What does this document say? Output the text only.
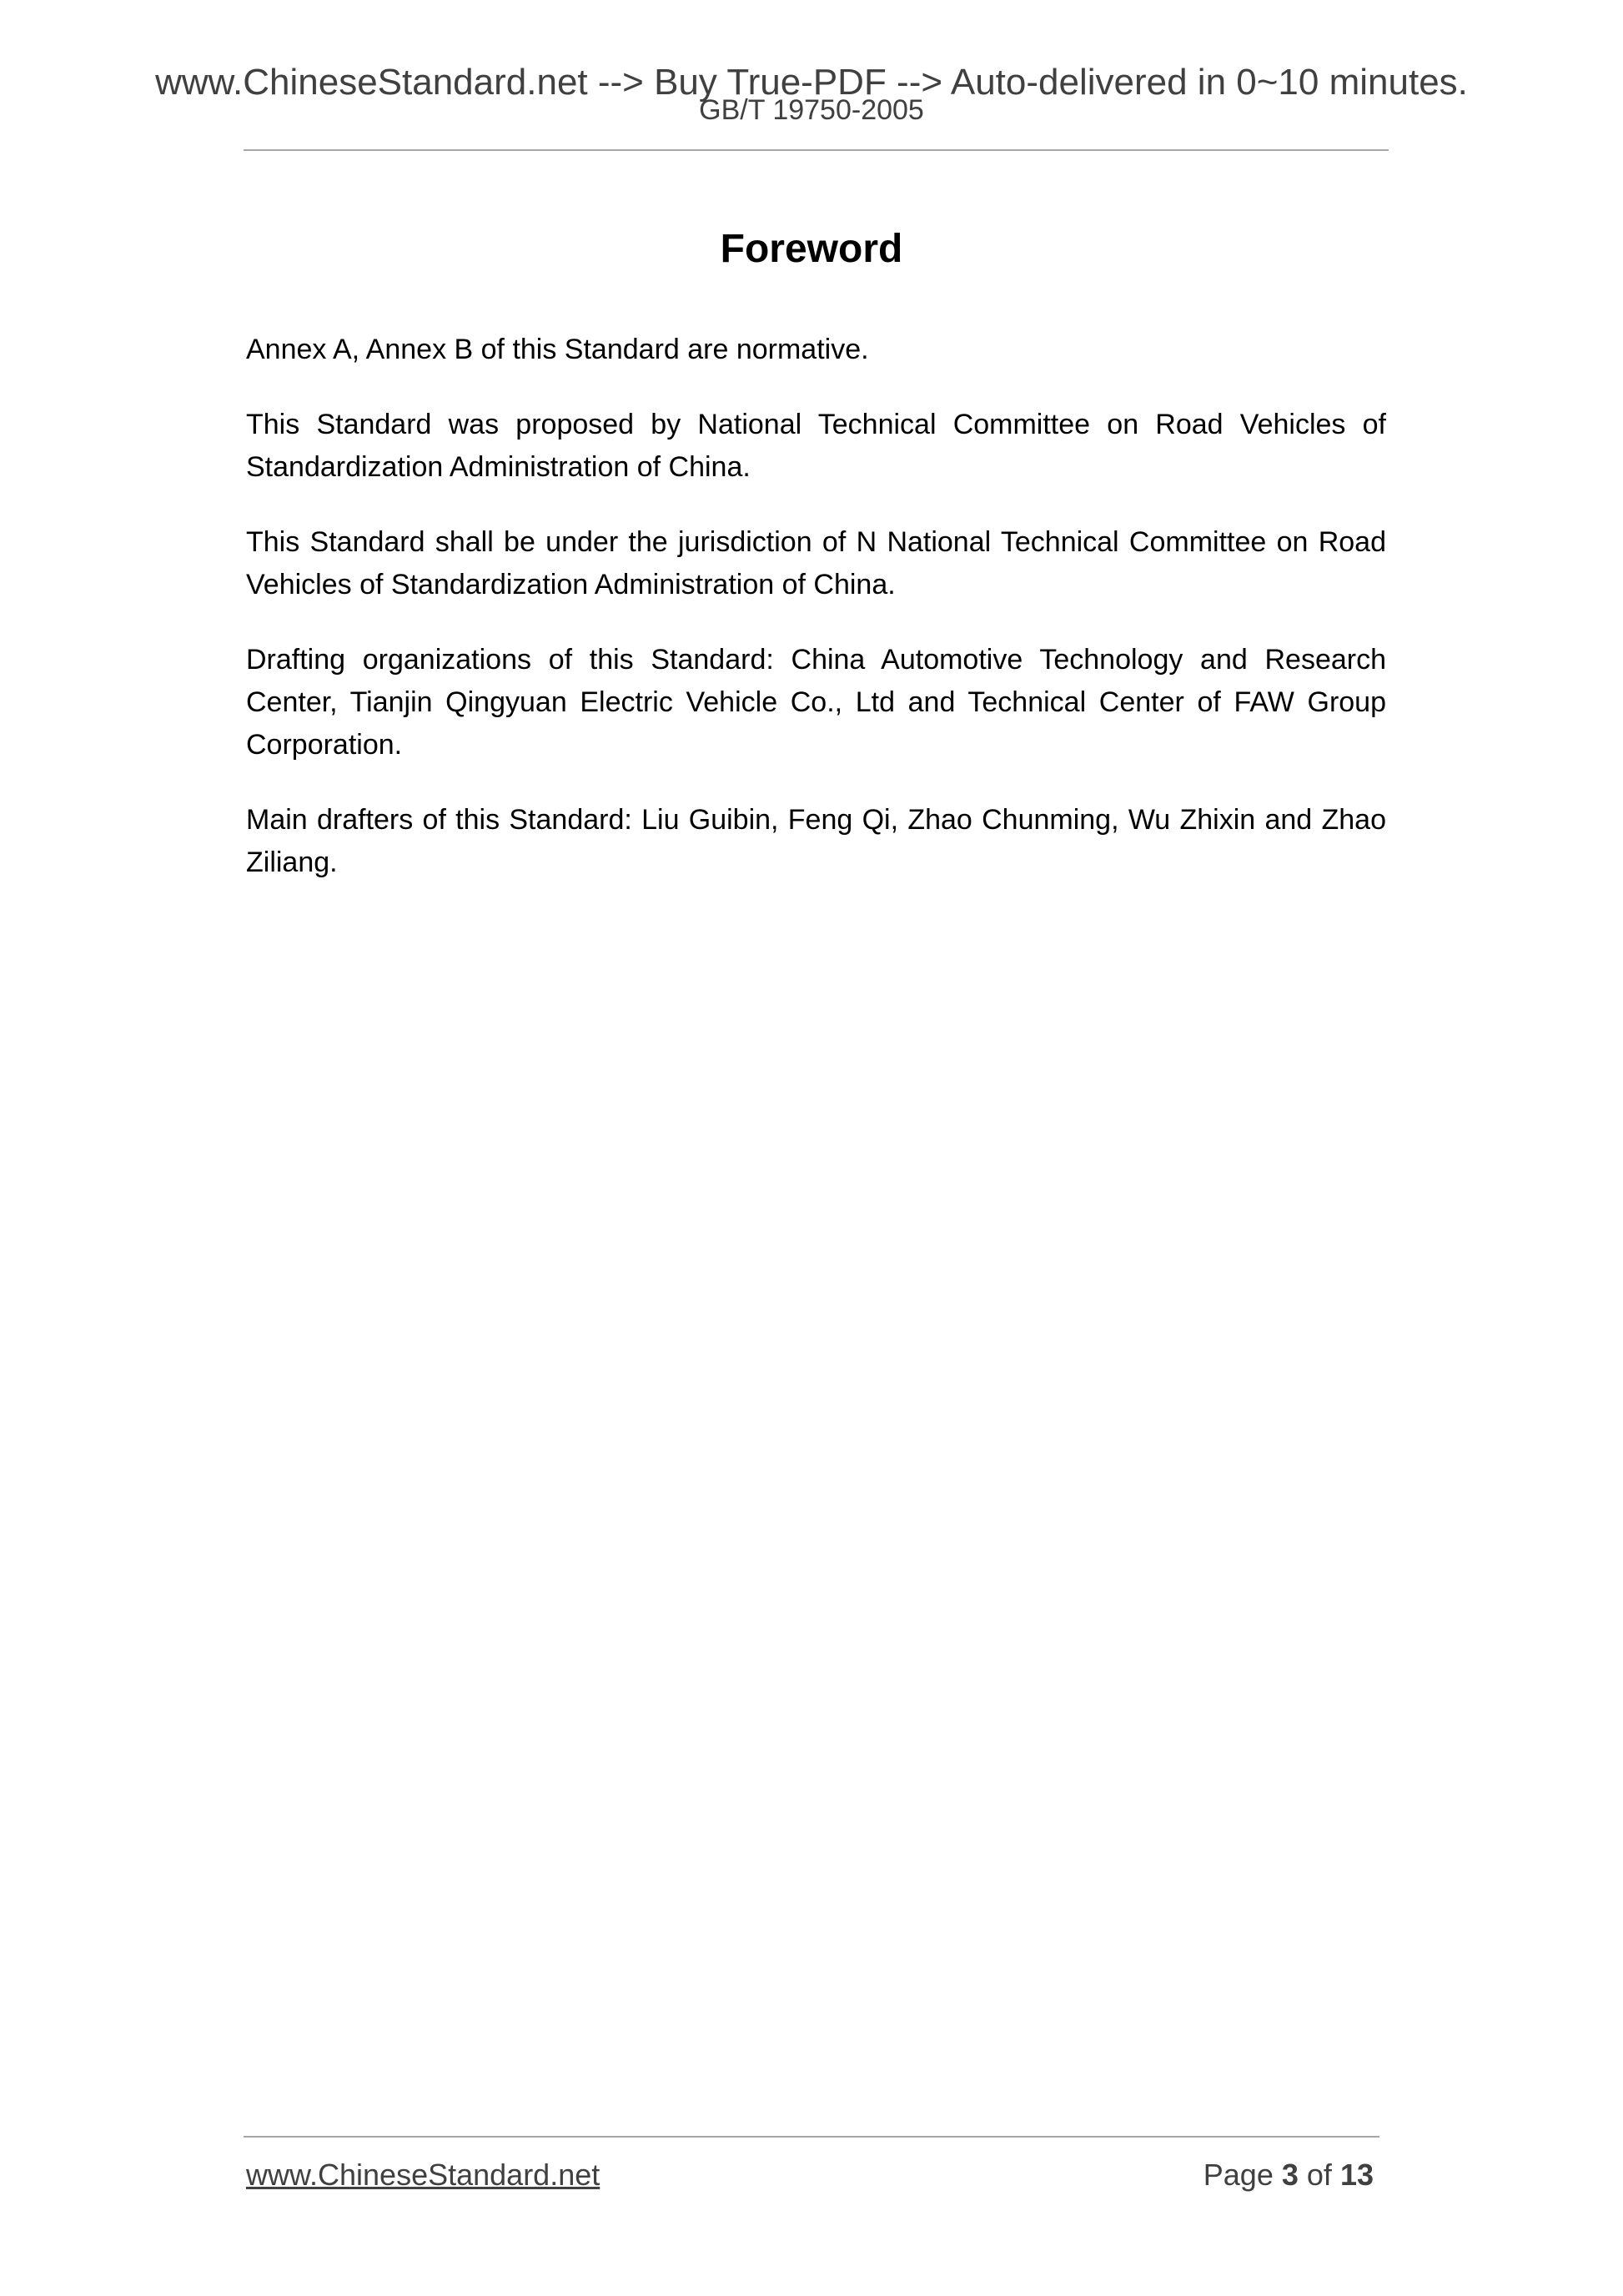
www.ChineseStandard.net --> Buy True-PDF --> Auto-delivered in 0~10 minutes.
GB/T 19750-2005
Foreword

Annex A, Annex B of this Standard are normative.

This Standard was proposed by National Technical Committee on Road Vehicles of Standardization Administration of China.

This Standard shall be under the jurisdiction of N National Technical Committee on Road Vehicles of Standardization Administration of China.

Drafting organizations of this Standard: China Automotive Technology and Research Center, Tianjin Qingyuan Electric Vehicle Co., Ltd and Technical Center of FAW Group Corporation.

Main drafters of this Standard: Liu Guibin, Feng Qi, Zhao Chunming, Wu Zhixin and Zhao Ziliang.

www.ChineseStandard.net	Page 3 of 13
